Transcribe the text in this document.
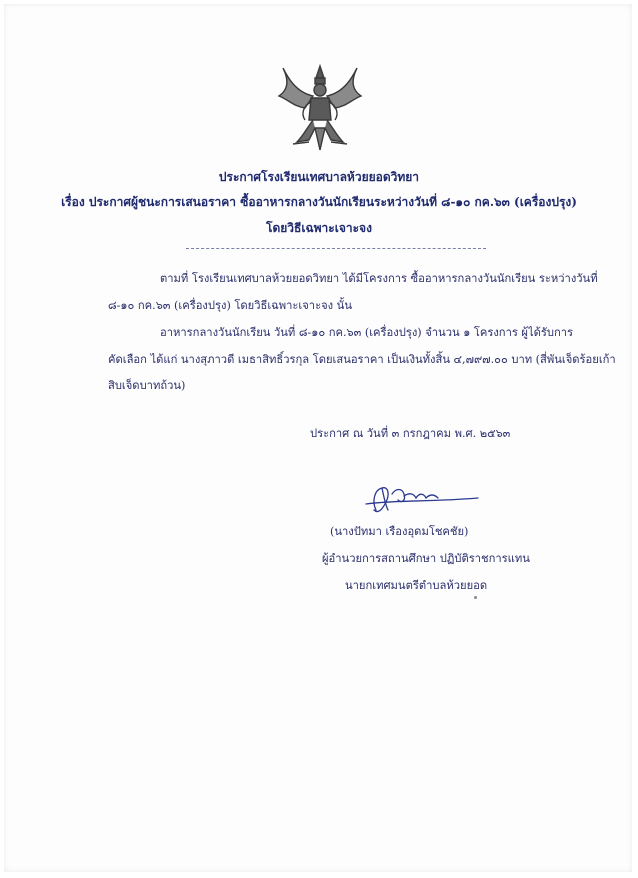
ประกาศโรงเรียนเทศบาลห้วยยอดวิทยา
เรื่อง ประกาศผู้ชนะการเสนอราคา ซื้ออาหารกลางวันนักเรียนระหว่างวันที่ ๘-๑๐ กค.๖๓ (เครื่องปรุง)
โดยวิธีเฉพาะเจาะจง
ตามที่ โรงเรียนเทศบาลห้วยยอดวิทยา ได้มีโครงการ ซื้ออาหารกลางวันนักเรียน ระหว่างวันที่
๘-๑๐ กค.๖๓ (เครื่องปรุง) โดยวิธีเฉพาะเจาะจง นั้น
อาหารกลางวันนักเรียน วันที่ ๘-๑๐ กค.๖๓ (เครื่องปรุง) จำนวน ๑ โครงการ ผู้ได้รับการ
คัดเลือก ได้แก่ นางสุภาวดี เมธาสิทธิ์วรกุล โดยเสนอราคา เป็นเงินทั้งสิ้น ๔,๗๙๗.๐๐ บาท (สี่พันเจ็ดร้อยเก้า
สิบเจ็ดบาทถ้วน)
ประกาศ ณ วันที่ ๓ กรกฎาคม พ.ศ. ๒๕๖๓
(นางปัทมา เรืองอุดมโชคชัย)
ผู้อำนวยการสถานศึกษา ปฏิบัติราชการแทน
นายกเทศมนตรีตำบลห้วยยอด
